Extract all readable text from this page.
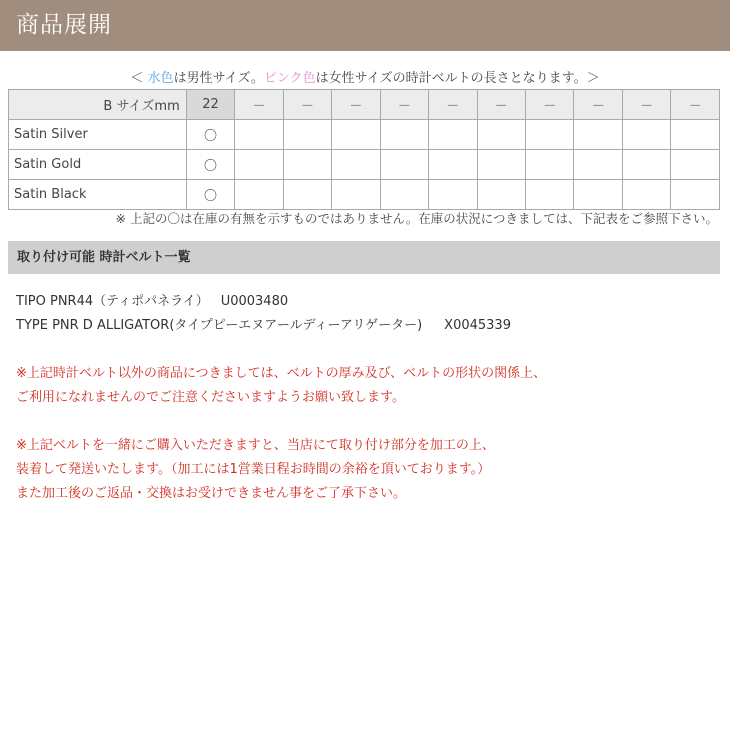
商品展開
＜ 水色は男性サイズ。ピンク色は女性サイズの時計ベルトの長さとなります。＞
B サイズmm	22	－	－	－	－	－	－	－	－	－	－
Satin Silver	〇										
Satin Gold	〇										
Satin Black	〇										
※ 上記の〇は在庫の有無を示すものではありません。在庫の状況につきましては、下記表をご参照下さい。
取り付け可能 時計ベルト一覧
TIPO PNR44（ティポパネライ） U0003480
TYPE PNR D ALLIGATOR(タイプピーエヌアールディーアリゲーター) X0045339
※上記時計ベルト以外の商品につきましては、ベルトの厚み及び、ベルトの形状の関係上、
ご利用になれませんのでご注意くださいますようお願い致します。
※上記ベルトを一緒にご購入いただきますと、当店にて取り付け部分を加工の上、
装着して発送いたします。（加工には1営業日程お時間の余裕を頂いております。）
また加工後のご返品・交換はお受けできません事をご了承下さい。
